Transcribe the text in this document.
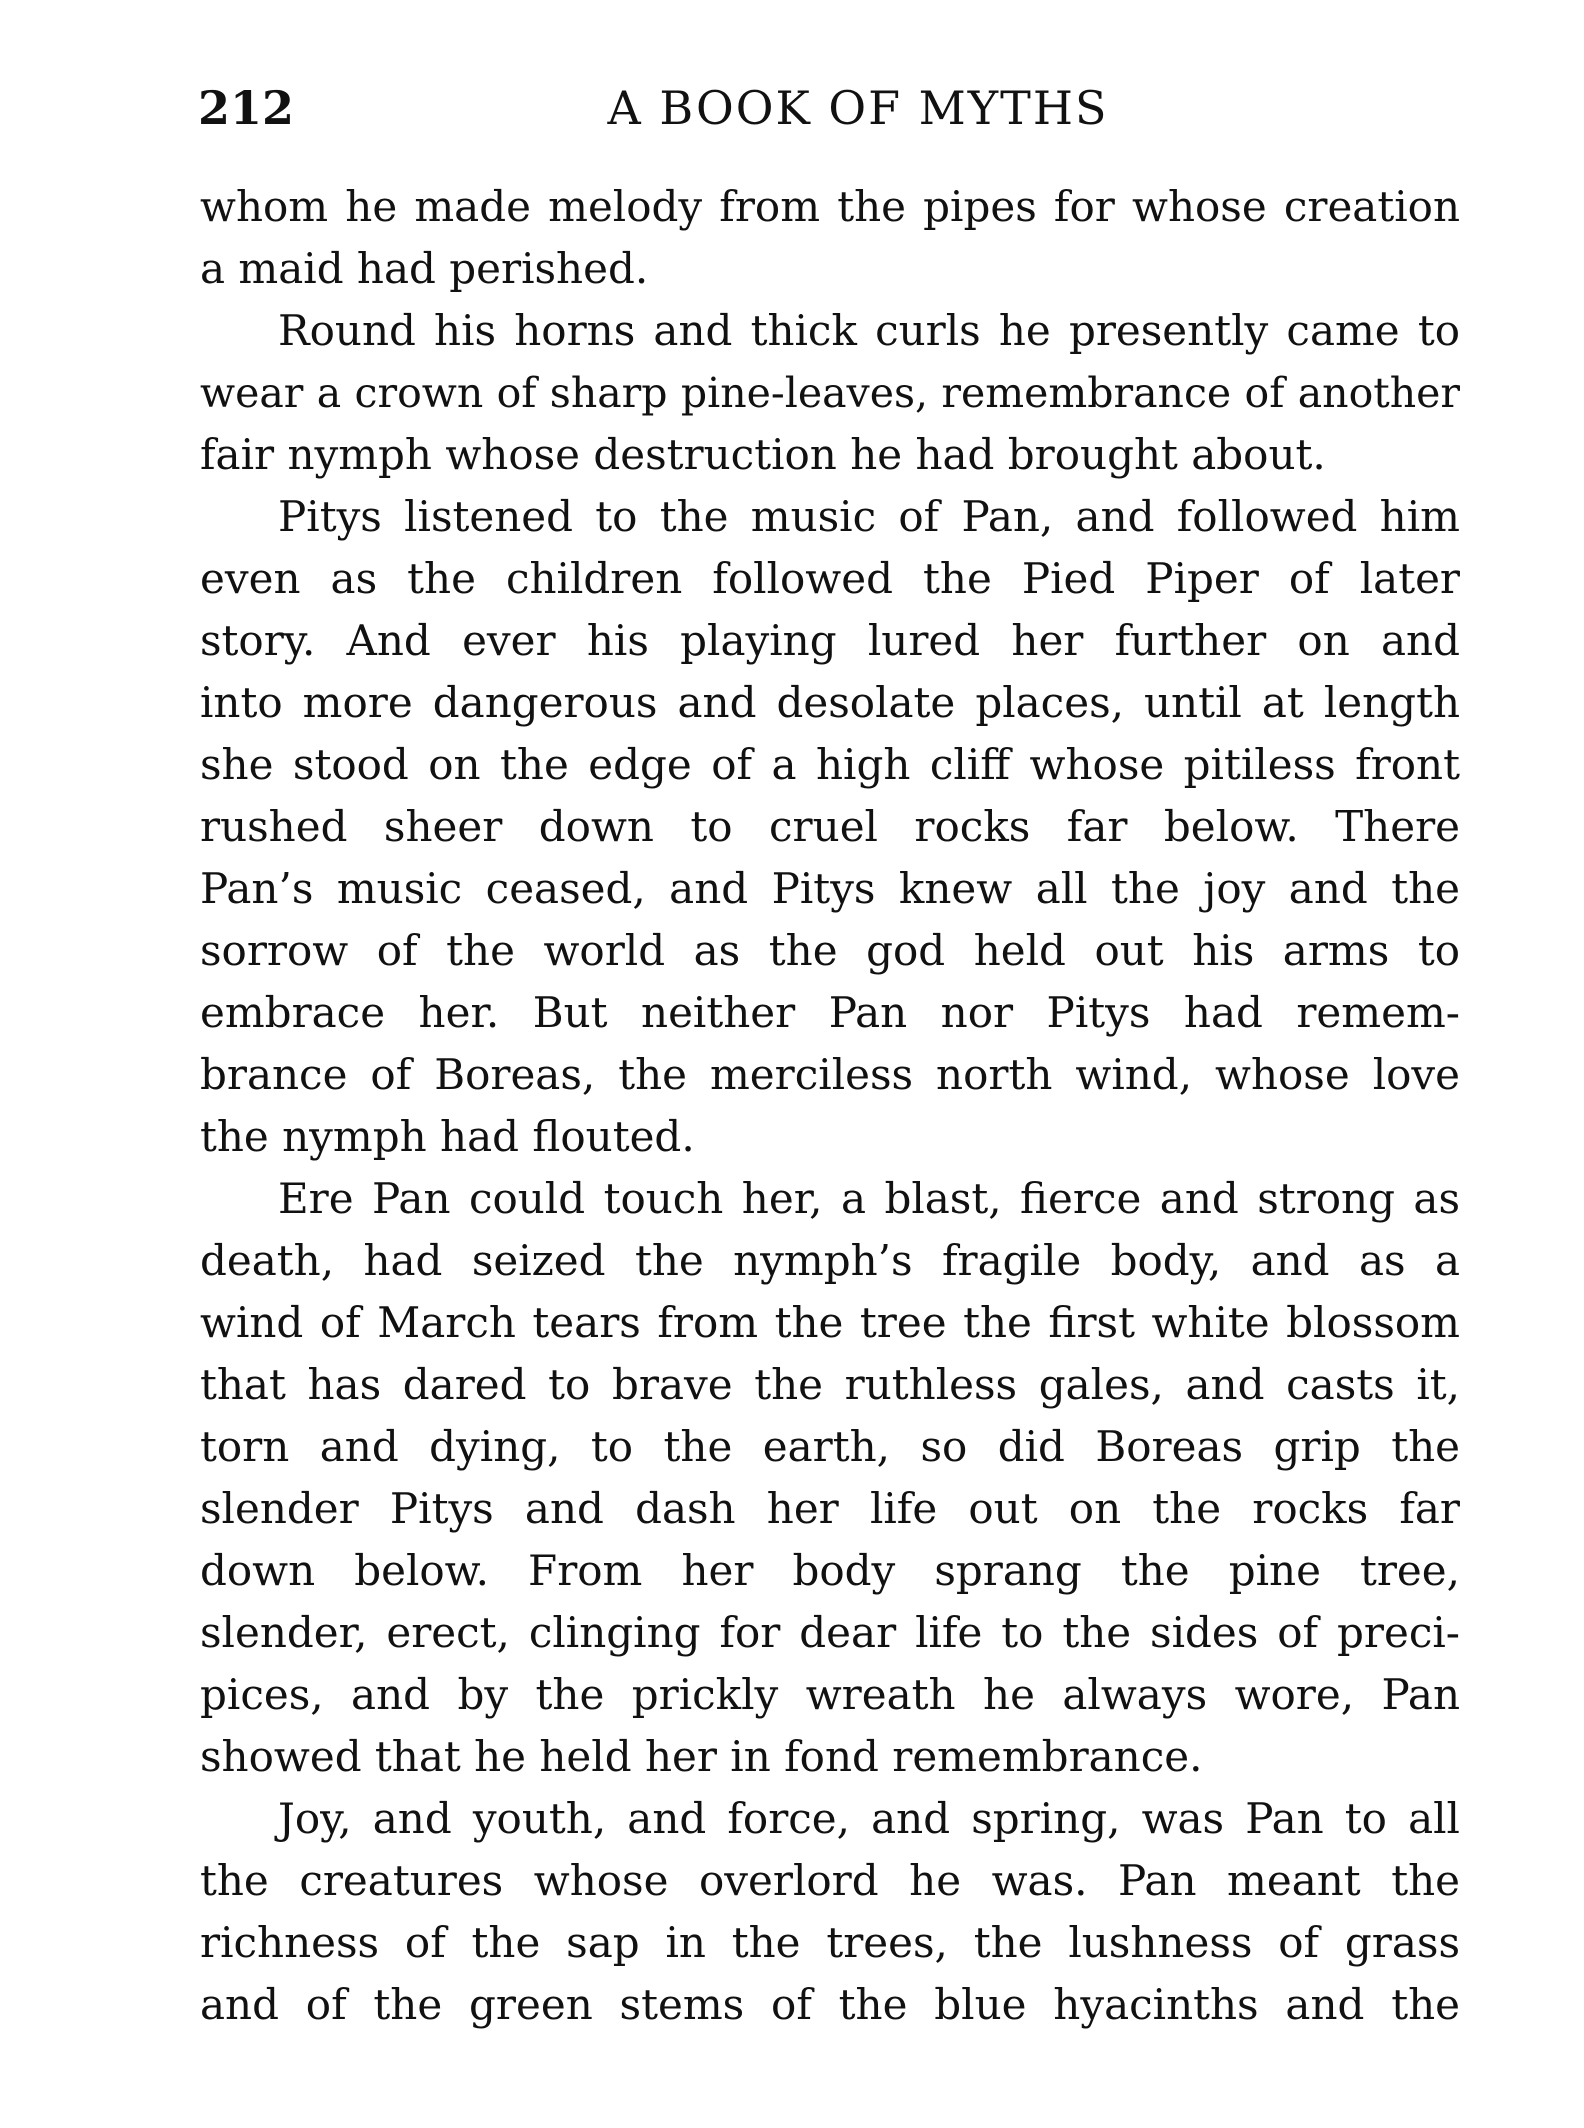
212	A BOOK OF MYTHS

whom he made melody from the pipes for whose creation
a maid had perished.

Round his horns and thick curls he presently came to
wear a crown of sharp pine-leaves, remembrance of another
fair nymph whose destruction he had brought about.

Pitys listened to the music of Pan, and followed him
even as the children followed the Pied Piper of later
story. And ever his playing lured her further on and
into more dangerous and desolate places, until at length
she stood on the edge of a high cliff whose pitiless front
rushed sheer down to cruel rocks far below. There
Pan’s music ceased, and Pitys knew all the joy and the
sorrow of the world as the god held out his arms to
embrace her. But neither Pan nor Pitys had remem-
brance of Boreas, the merciless north wind, whose love
the nymph had flouted.

Ere Pan could touch her, a blast, fierce and strong as
death, had seized the nymph’s fragile body, and as a
wind of March tears from the tree the first white blossom
that has dared to brave the ruthless gales, and casts it,
torn and dying, to the earth, so did Boreas grip the
slender Pitys and dash her life out on the rocks far
down below. From her body sprang the pine tree,
slender, erect, clinging for dear life to the sides of preci-
pices, and by the prickly wreath he always wore, Pan
showed that he held her in fond remembrance.

Joy, and youth, and force, and spring, was Pan to all
the creatures whose overlord he was. Pan meant the
richness of the sap in the trees, the lushness of grass
and of the green stems of the blue hyacinths and the
